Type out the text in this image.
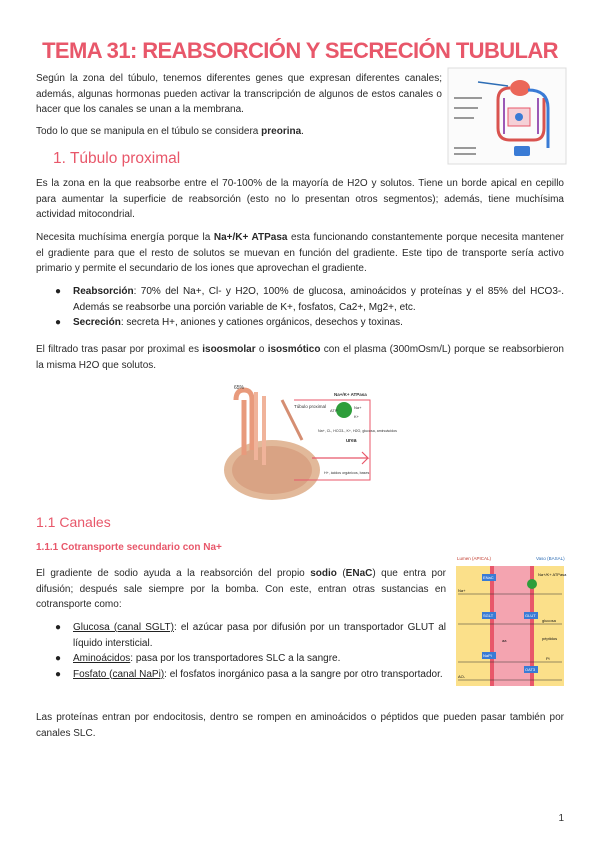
TEMA 31: REABSORCIÓN Y SECRECIÓN TUBULAR

Según la zona del túbulo, tenemos diferentes genes que expresan diferentes canales; además, algunas hormonas pueden activar la transcripción de algunos de estos canales o hacer que los canales se unan a la membrana.

Todo lo que se manipula en el túbulo se considera preorina.

1. Túbulo proximal

Es la zona en la que reabsorbe entre el 70-100% de la mayoría de H2O y solutos. Tiene un borde apical en cepillo para aumentar la superficie de reabsorción (esto no lo presentan otros segmentos); además, tiene muchísima actividad mitocondrial.

Necesita muchísima energía porque la Na+/K+ ATPasa esta funcionando constantemente porque necesita mantener el gradiente para que el resto de solutos se muevan en función del gradiente. Este tipo de transporte sería activo primario y permite el secundario de los iones que aprovechan el gradiente.

● Reabsorción: 70% del Na+, Cl- y H2O, 100% de glucosa, aminoácidos y proteínas y el 85% del HCO3-. Además se reabsorbe una porción variable de K+, fosfatos, Ca2+, Mg2+, etc.
● Secreción: secreta H+, aniones y cationes orgánicos, desechos y toxinas.

El filtrado tras pasar por proximal es isoosmolar o isosmótico con el plasma (300mOsm/L) porque se reabsorbieron la misma H2O que solutos.

65%
Na+/K+ ATPasa
ATP
Na+
K+
Túbulo proximal
Na+, Cl-, HCO3-, K+, H2O, glucosa, aminoácidos
urea
H+, ácidos orgánicos, bases
1.1 Canales
1.1.1 Cotransporte secundario con Na+

El gradiente de sodio ayuda a la reabsorción del propio sodio (ENaC) que entra por difusión; después sale siempre por la bomba. Con este, entran otras sustancias en cotransporte como:

● Glucosa (canal SGLT): el azúcar pasa por difusión por un transportador GLUT al líquido intersticial.
● Aminoácidos: pasa por los transportadores SLC a la sangre.
● Fosfato (canal NaPi): el fosfatos inorgánico pasa a la sangre por otro transportador.
Lumen (APICAL)	Vaso (BASAL)
ENaC
Na+/K+ ATPasa
SGLT	GLUT
NaPi
OAT3
Na+
glucosa
aa	péptidos
Pi
AO-

Las proteínas entran por endocitosis, dentro se rompen en aminoácidos o péptidos que pueden pasar también por canales SLC.

1
